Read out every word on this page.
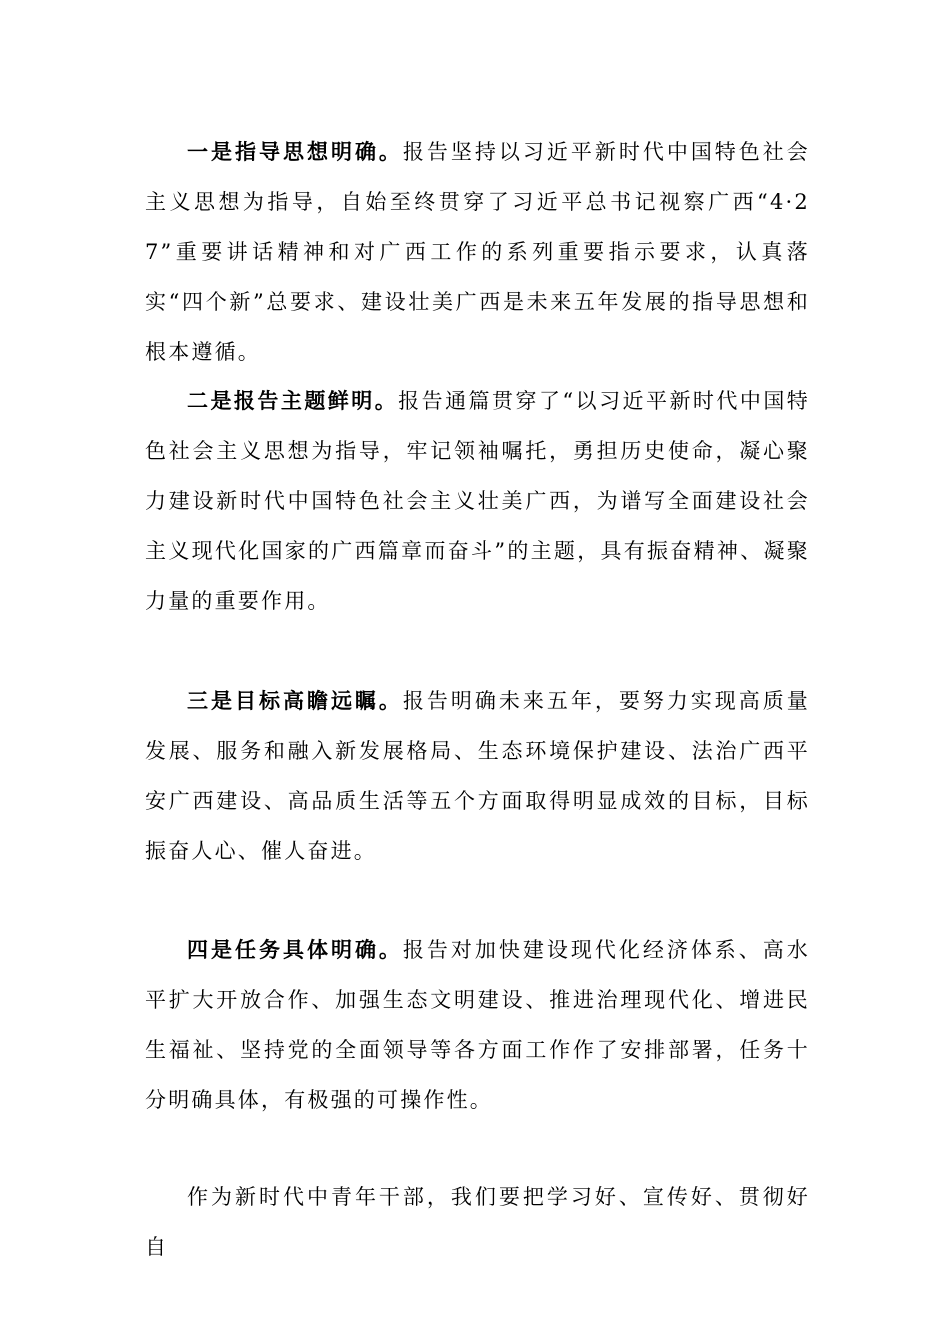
一是指导思想明确。报告坚持以习近平新时代中国特色社会主义思想为指导，自始至终贯穿了习近平总书记视察广西“4·27”重要讲话精神和对广西工作的系列重要指示要求，认真落实“四个新”总要求、建设壮美广西是未来五年发展的指导思想和根本遵循。

二是报告主题鲜明。报告通篇贯穿了“以习近平新时代中国特色社会主义思想为指导，牢记领袖嘱托，勇担历史使命，凝心聚力建设新时代中国特色社会主义壮美广西，为谱写全面建设社会主义现代化国家的广西篇章而奋斗”的主题，具有振奋精神、凝聚力量的重要作用。

三是目标高瞻远瞩。报告明确未来五年，要努力实现高质量发展、服务和融入新发展格局、生态环境保护建设、法治广西平安广西建设、高品质生活等五个方面取得明显成效的目标，目标振奋人心、催人奋进。

四是任务具体明确。报告对加快建设现代化经济体系、高水平扩大开放合作、加强生态文明建设、推进治理现代化、增进民生福祉、坚持党的全面领导等各方面工作作了安排部署，任务十分明确具体，有极强的可操作性。

作为新时代中青年干部，我们要把学习好、宣传好、贯彻好自
